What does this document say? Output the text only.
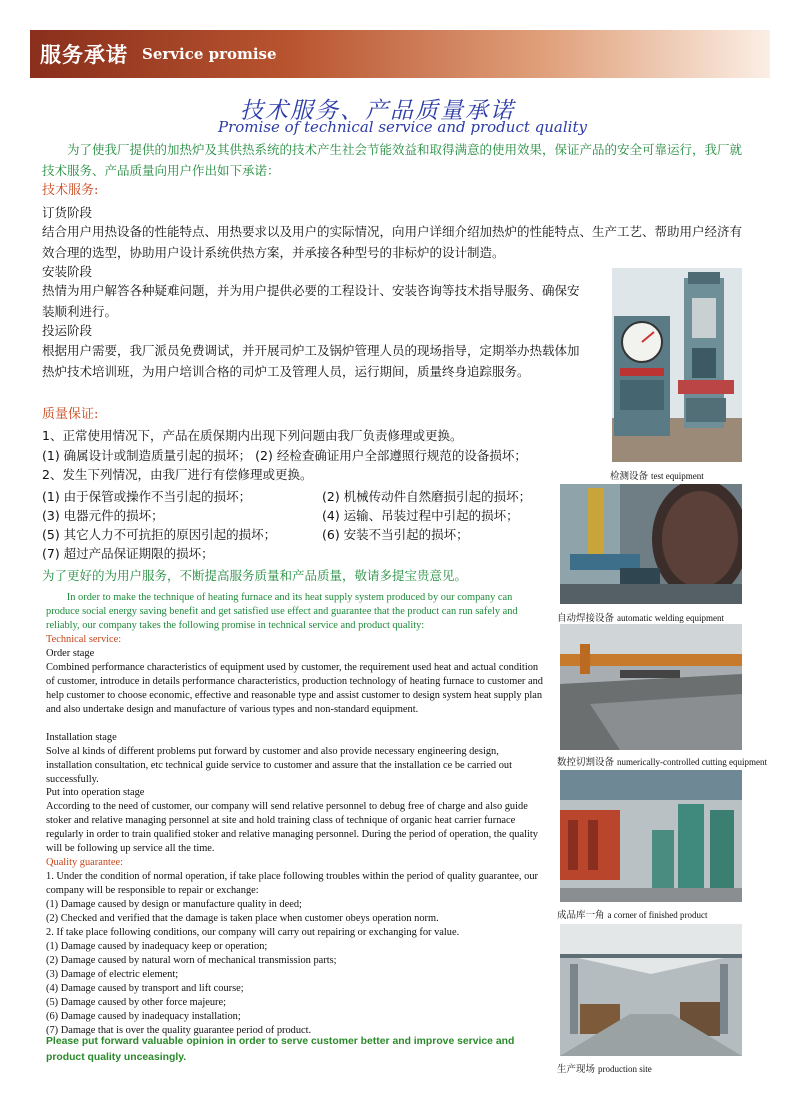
服务承诺 Service promise
技术服务、产品质量承诺
Promise of technical service and product quality
为了使我厂提供的加热炉及其供热系统的技术产生社会节能效益和取得满意的使用效果，保证产品的安全可靠运行，我厂就技术服务、产品质量向用户作出如下承诺：
技术服务:
订货阶段
结合用户用热设备的性能特点、用热要求以及用户的实际情况，向用户详细介绍加热炉的性能特点、生产工艺、帮助用户经济有效合理的选型，协助用户设计系统供热方案，并承接各种型号的非标炉的设计制造。
安装阶段
热情为用户解答各种疑难问题，并为用户提供必要的工程设计、安装咨询等技术指导服务、确保安装顺利进行。
投运阶段
根据用户需要，我厂派员免费调试，并开展司炉工及锅炉管理人员的现场指导，定期举办热载体加热炉技术培训班，为用户培训合格的司炉工及管理人员，运行期间，质量终身追踪服务。
质量保证:
1、正常使用情况下，产品在质保期内出现下列问题由我厂负责修理或更换。
(1) 确属设计或制造质量引起的损坏； (2) 经检查确证用户全部遵照行规范的设备损坏；
2、发生下列情况，由我厂进行有偿修理或更换。
(1) 由于保管或操作不当引起的损坏；	(2) 机械传动件自然磨损引起的损坏；
(3) 电器元件的损坏；	(4) 运输、吊装过程中引起的损坏；
(5) 其它人力不可抗拒的原因引起的损坏；	(6) 安装不当引起的损坏；
(7) 超过产品保证期限的损坏；
为了更好的为用户服务，不断提高服务质量和产品质量，敬请多提宝贵意见。
In order to make the technique of heating furnace and its heat supply system produced by our company can produce social energy saving benefit and get satisfied use effect and guarantee that the product can run safely and reliably, our company takes the following promise in technical service and product quality:
Technical service:
Order stage
Combined performance characteristics of equipment used by customer, the requirement used heat and actual condition of customer, introduce in details performance characteristics, production technology of heating furnace to customer and help customer to choose economic, effective and reasonable type and assist customer to design system heat supply plan and also undertake design and manufacture of various types and non-standard equipment.
Installation stage
Solve al kinds of different problems put forward by customer and also provide necessary engineering design, installation consultation, etc technical guide service to customer and assure that the installation ce be carried out successfully.
Put into operation stage
According to the need of customer, our company will send relative personnel to debug free of charge and also guide stoker and relative managing personnel at site and hold training class of technique of organic heat carrier furnace regularly in order to train qualified stoker and relative managing personnel. During the period of operation, the quality will be following up service all the time.
Quality guarantee:
1. Under the condition of normal operation, if take place following troubles within the period of quality guarantee, our company will be responsible to repair or exchange:
(1) Damage caused by design or manufacture quality in deed;
(2) Checked and verified that the damage is taken place when customer obeys operation norm.
2. If take place following conditions, our company will carry out repairing or exchanging for value.
(1) Damage caused by inadequacy keep or operation;
(2) Damage caused by natural worn of mechanical transmission parts;
(3) Damage of electric element;
(4) Damage caused by transport and lift course;
(5) Damage caused by other force majeure;
(6) Damage caused by inadequacy installation;
(7) Damage that is over the quality guarantee period of product.
Please put forward valuable opinion in order to serve customer better and improve service and product quality unceasingly.
检测设备 test equipment
自动焊接设备 automatic welding equipment
数控切割设备 numerically-controlled cutting equipment
成品库一角 a corner of finished product
生产现场 production site
